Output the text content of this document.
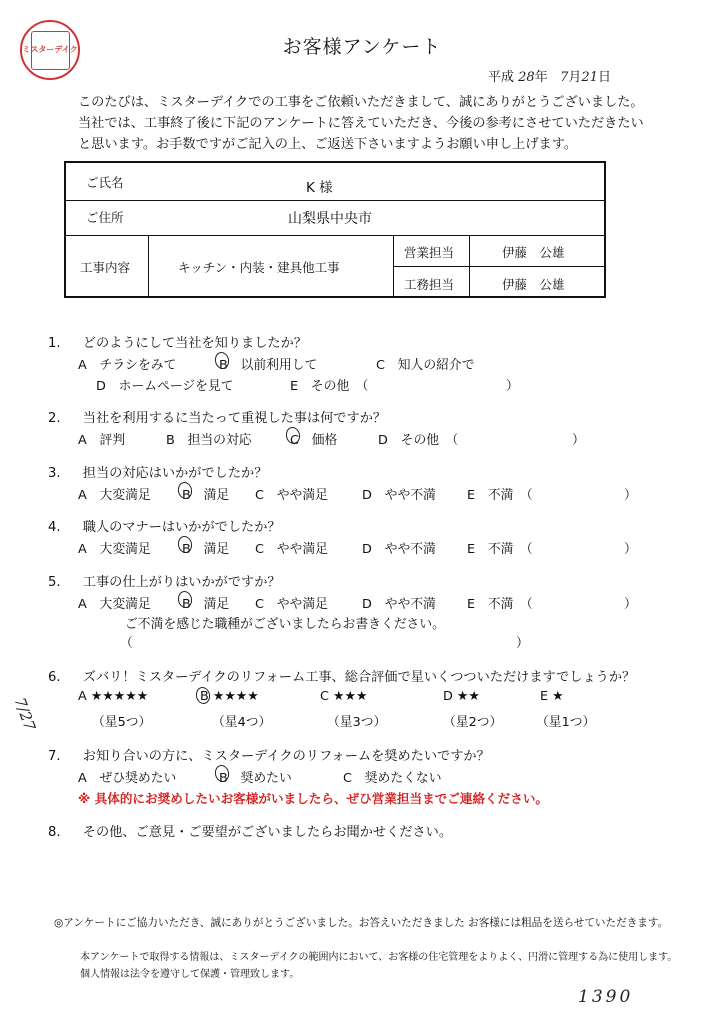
ミスターデイク	お客様アンケート
平成 28年 7月21日
このたびは、ミスターデイクでの工事をご依頼いただきまして、誠にありがとうございました。
当社では、工事終了後に下記のアンケートに答えていただき、今後の参考にさせていただきたい
と思います。お手数ですがご記入の上、ご返送下さいますようお願い申し上げます。
ご氏名	K 様
ご住所	山梨県中央市
工事内容	キッチン・内装・建具他工事
営業担当	伊藤　公雄
工務担当	伊藤　公雄
1. どのようにして当社を知りましたか？
A　チラシをみて	B　以前利用して	C　知人の紹介で
D　ホームページを見て	E　その他　（	）
2. 当社を利用するに当たって重視した事は何ですか？
A　評判	B　担当の対応	C　価格	D　その他　（	）
3. 担当の対応はいかがでしたか？
A　大変満足 B　満足 C　やや満足	D　やや不満 E　不満　（	）
4. 職人のマナーはいかがでしたか？
A　大変満足 B　満足 C　やや満足	D　やや不満 E　不満　（	）
5. 工事の仕上がりはいかがですか？
A　大変満足 B　満足 C　やや満足	D　やや不満 E　不満　（	）
ご不満を感じた職種がございましたらお書きください。
（	）
6. ズバリ！ミスターデイクのリフォーム工事、総合評価で星いくつついただけますでしょうか？
A ★★★★★	B ★★★★	C ★★★	D ★★	E ★
（星5つ）	（星4つ）	（星3つ）	（星2つ）	（星1つ）
7/27
7. お知り合いの方に、ミスターデイクのリフォームを奨めたいですか？
A　ぜひ奨めたい	B　奨めたい	C　奨めたくない
※ 具体的にお奨めしたいお客様がいましたら、ぜひ営業担当までご連絡ください。
8. その他、ご意見・ご要望がございましたらお聞かせください。
◎アンケートにご協力いただき、誠にありがとうございました。お答えいただきました お客様には粗品を送らせていただきます。
本アンケートで取得する情報は、ミスターデイクの範囲内において、お客様の住宅管理をよりよく、円滑に管理する為に使用します。
個人情報は法令を遵守して保護・管理致します。
1390
